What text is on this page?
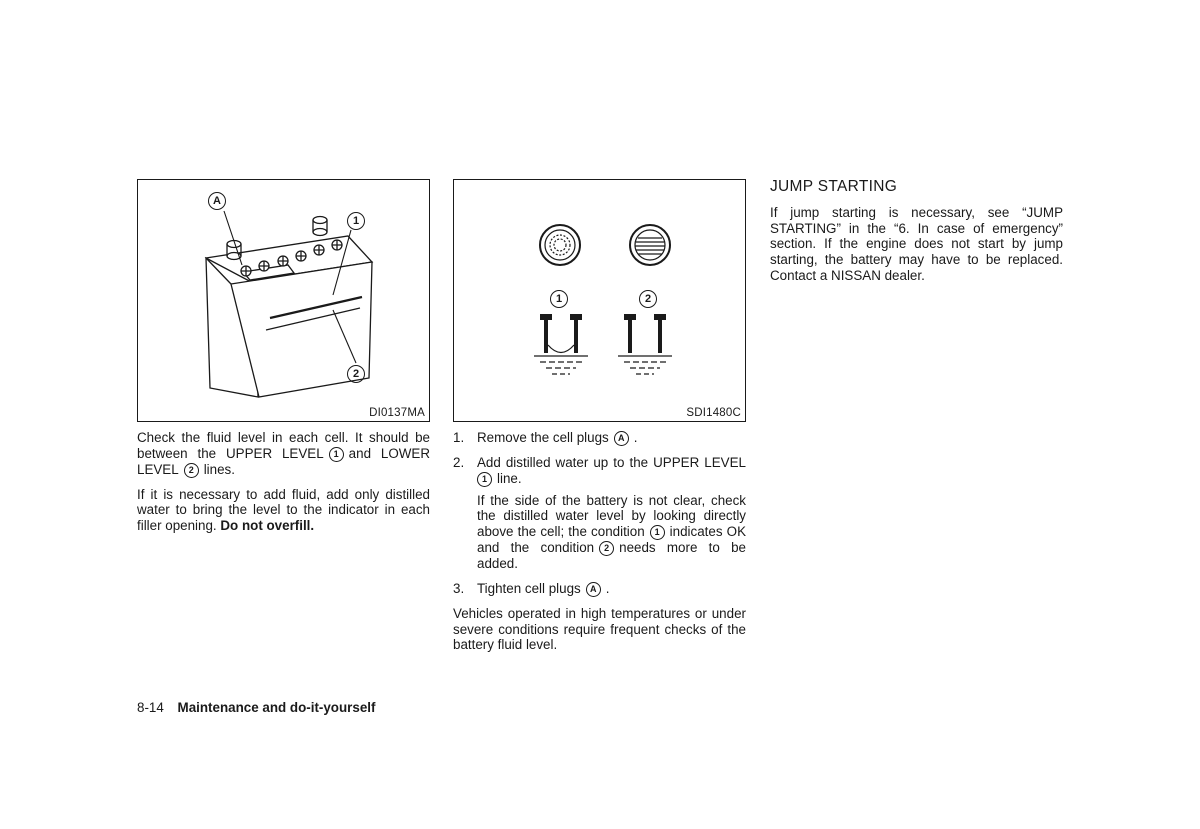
A
1
2
DI0137MA
1	2
SDI1480C

Check the fluid level in each cell. It should be between the UPPER LEVEL 1 and LOWER LEVEL 2 lines.

If it is necessary to add fluid, add only distilled water to bring the level to the indicator in each filler opening. Do not overfill.

1. Remove the cell plugs A .
2. Add distilled water up to the UPPER LEVEL1 line.

If the side of the battery is not clear, check the distilled water level by looking directly above the cell; the condition 1 indicates OK and the condition 2 needs more to be added.

3. Tighten cell plugs A .

Vehicles operated in high temperatures or under severe conditions require frequent checks of the battery fluid level.

JUMP STARTING

If jump starting is necessary, see “JUMP STARTING” in the “6. In case of emergency” section. If the engine does not start by jump starting, the battery may have to be replaced. Contact a NISSAN dealer.

8-14 Maintenance and do-it-yourself
